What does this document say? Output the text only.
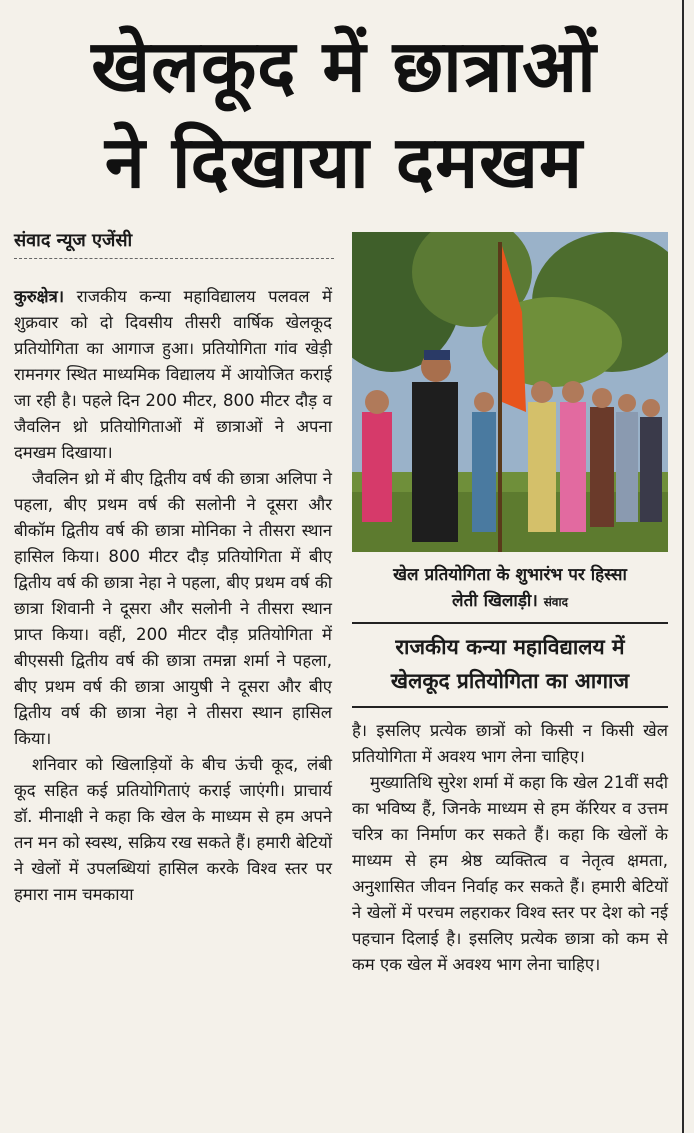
खेलकूद में छात्राओं
ने दिखाया दमखम
संवाद न्यूज एजेंसी

कुरुक्षेत्र। राजकीय कन्या महाविद्यालय पलवल में शुक्रवार को दो दिवसीय तीसरी वार्षिक खेलकूद प्रतियोगिता का आगाज हुआ। प्रतियोगिता गांव खेड़ी रामनगर स्थित माध्यमिक विद्यालय में आयोजित कराई जा रही है। पहले दिन 200 मीटर, 800 मीटर दौड़ व जैवलिन थ्रो प्रतियोगिताओं में छात्राओं ने अपना दमखम दिखाया।

जैवलिन थ्रो में बीए द्वितीय वर्ष की छात्रा अलिपा ने पहला, बीए प्रथम वर्ष की सलोनी ने दूसरा और बीकॉम द्वितीय वर्ष की छात्रा मोनिका ने तीसरा स्थान हासिल किया। 800 मीटर दौड़ प्रतियोगिता में बीए द्वितीय वर्ष की छात्रा नेहा ने पहला, बीए प्रथम वर्ष की छात्रा शिवानी ने दूसरा और सलोनी ने तीसरा स्थान प्राप्त किया। वहीं, 200 मीटर दौड़ प्रतियोगिता में बीएससी द्वितीय वर्ष की छात्रा तमन्ना शर्मा ने पहला, बीए प्रथम वर्ष की छात्रा आयुषी ने दूसरा और बीए द्वितीय वर्ष की छात्रा नेहा ने तीसरा स्थान हासिल किया।

शनिवार को खिलाड़ियों के बीच ऊंची कूद, लंबी कूद सहित कई प्रतियोगिताएं कराई जाएंगी। प्राचार्य डॉ. मीनाक्षी ने कहा कि खेल के माध्यम से हम अपने तन मन को स्वस्थ, सक्रिय रख सकते हैं। हमारी बेटियों ने खेलों में उपलब्धियां हासिल करके विश्व स्तर पर हमारा नाम चमकाया

खेल प्रतियोगिता के शुभारंभ पर हिस्सा
लेती खिलाड़ी। संवाद
राजकीय कन्या महाविद्यालय में
खेलकूद प्रतियोगिता का आगाज

है। इसलिए प्रत्येक छात्रों को किसी न किसी खेल प्रतियोगिता में अवश्य भाग लेना चाहिए।

मुख्यातिथि सुरेश शर्मा में कहा कि खेल 21वीं सदी का भविष्य हैं, जिनके माध्यम से हम कॅरियर व उत्तम चरित्र का निर्माण कर सकते हैं। कहा कि खेलों के माध्यम से हम श्रेष्ठ व्यक्तित्व व नेतृत्व क्षमता, अनुशासित जीवन निर्वाह कर सकते हैं। हमारी बेटियों ने खेलों में परचम लहराकर विश्व स्तर पर देश को नई पहचान दिलाई है। इसलिए प्रत्येक छात्रा को कम से कम एक खेल में अवश्य भाग लेना चाहिए।
